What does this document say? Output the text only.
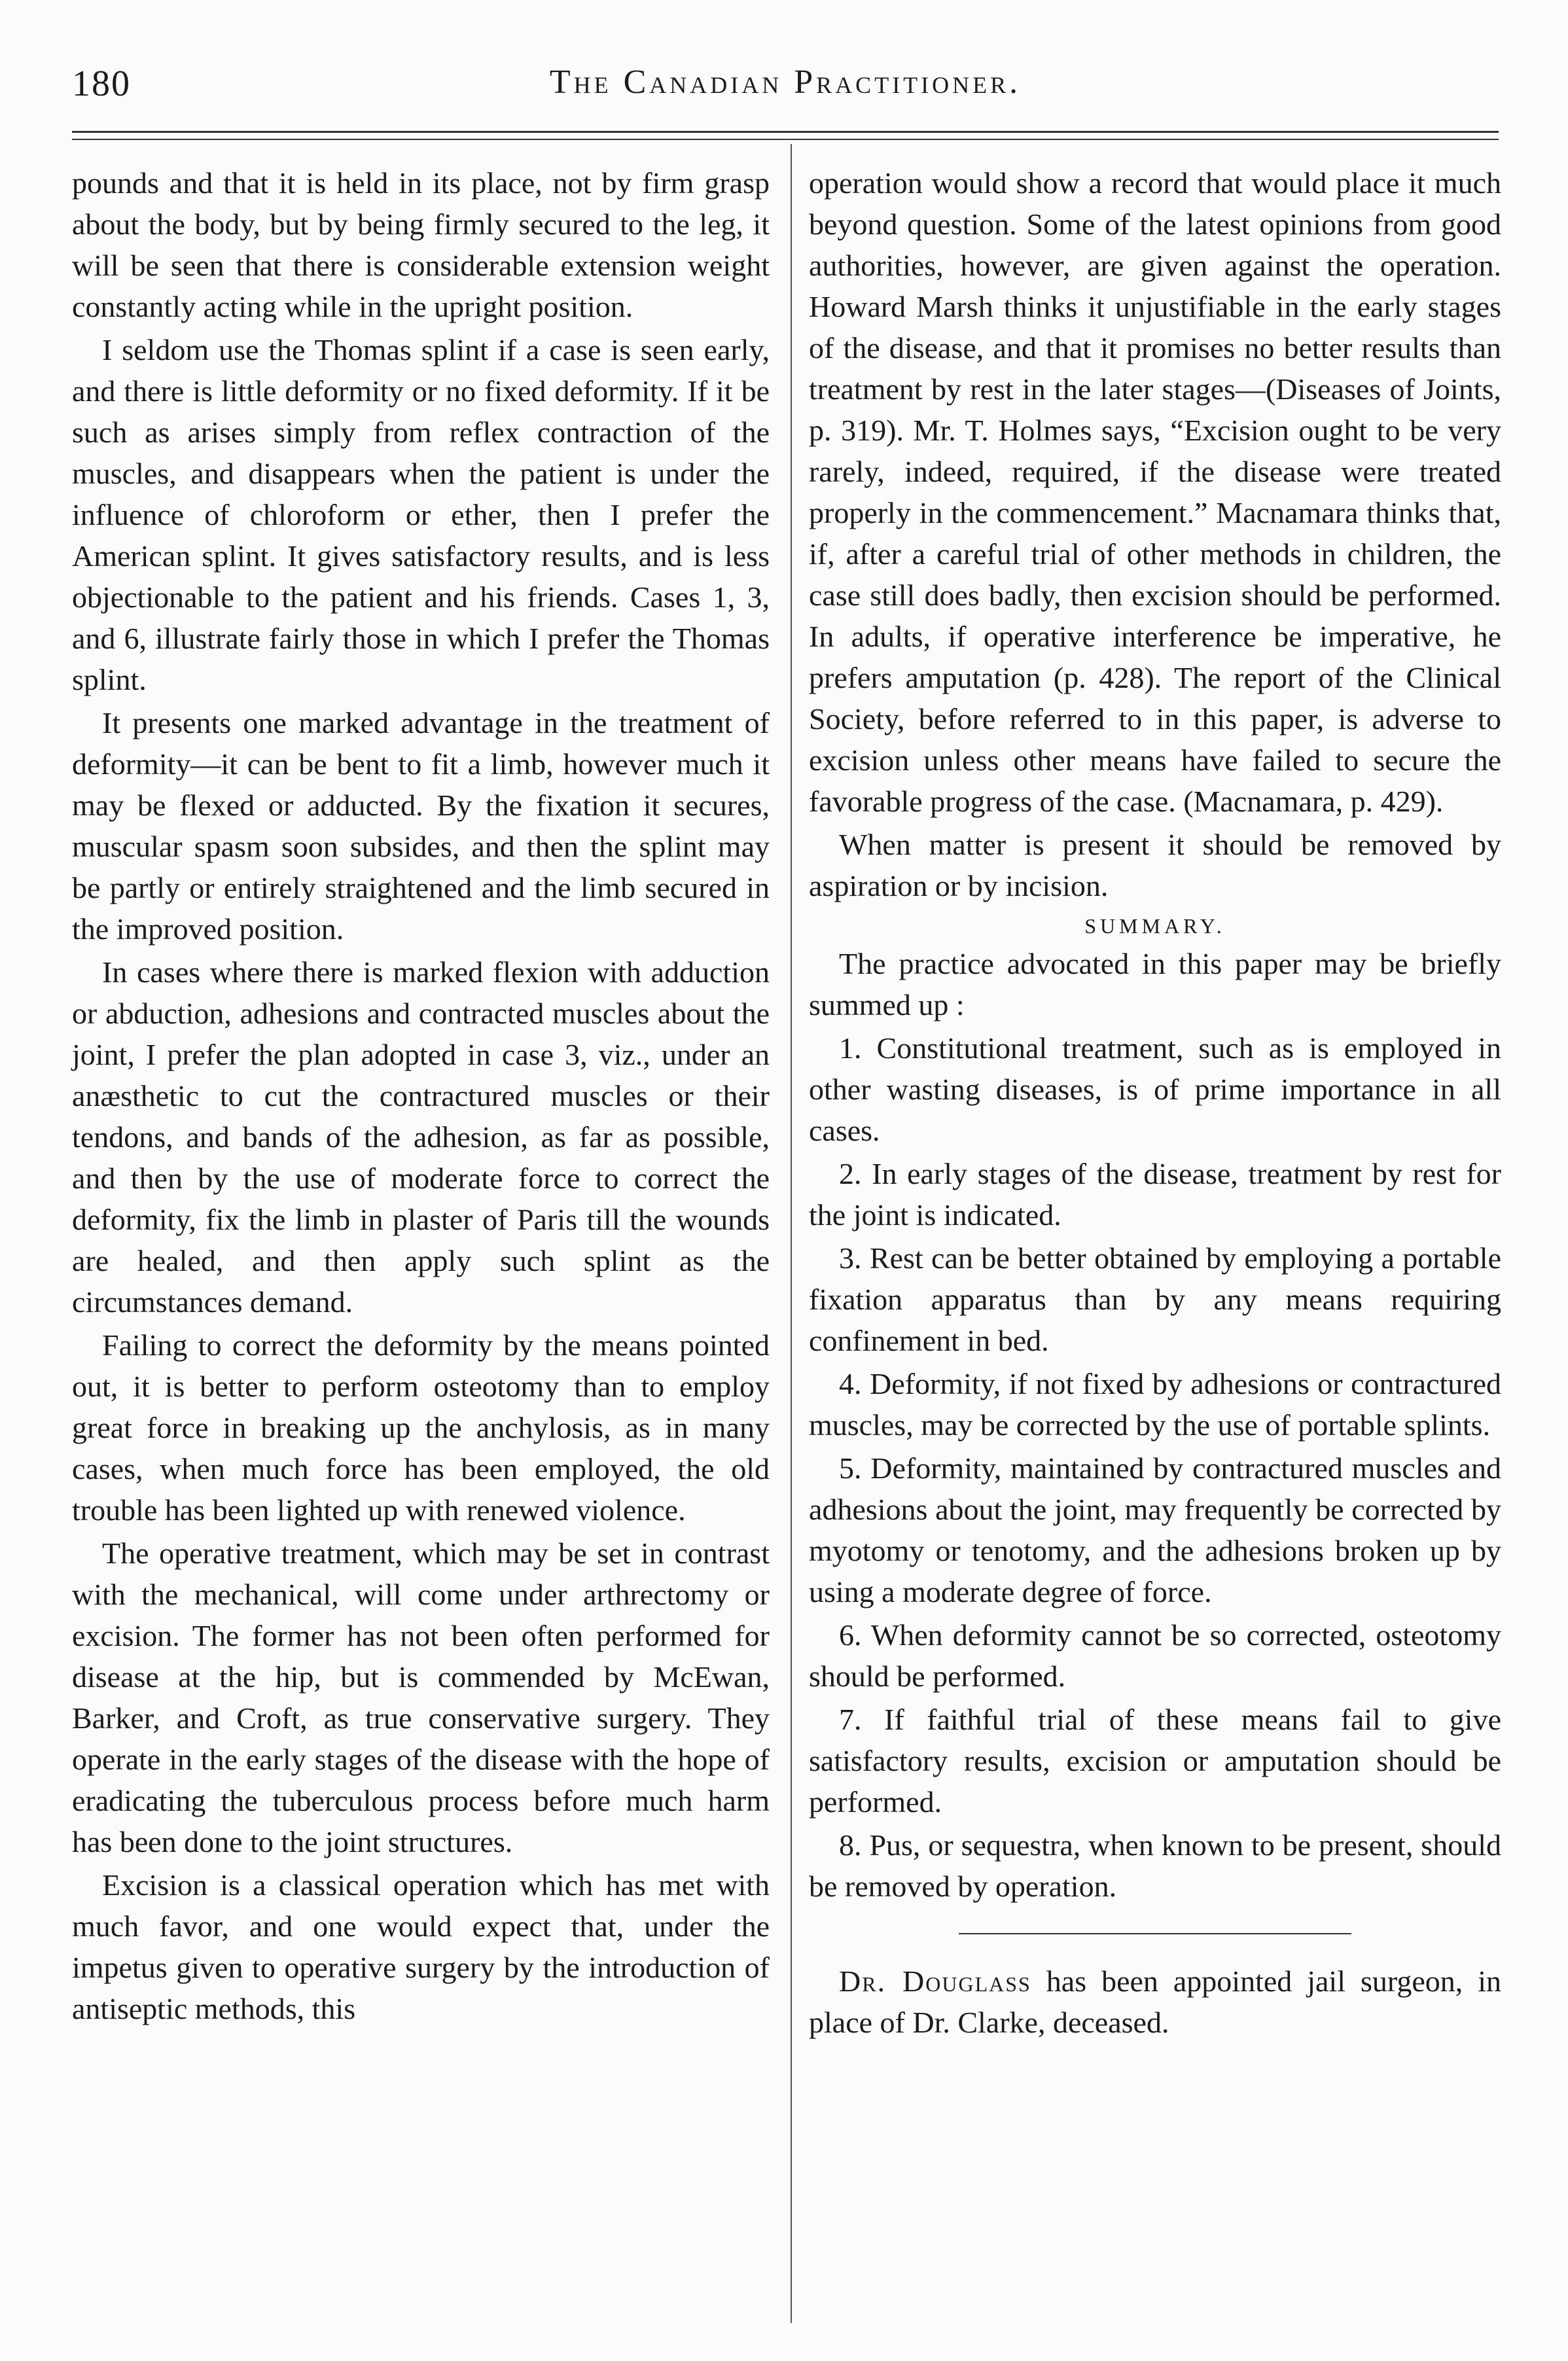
180	The Canadian Practitioner.

pounds and that it is held in its place, not by firm grasp about the body, but by being firmly secured to the leg, it will be seen that there is considerable extension weight constantly acting while in the upright position.

I seldom use the Thomas splint if a case is seen early, and there is little deformity or no fixed deformity. If it be such as arises simply from reflex contraction of the muscles, and disappears when the patient is under the influence of chloroform or ether, then I prefer the American splint. It gives satisfactory results, and is less objectionable to the patient and his friends. Cases 1, 3, and 6, illustrate fairly those in which I prefer the Thomas splint.

It presents one marked advantage in the treatment of deformity—it can be bent to fit a limb, however much it may be flexed or adducted. By the fixation it secures, muscular spasm soon subsides, and then the splint may be partly or entirely straightened and the limb secured in the improved position.

In cases where there is marked flexion with adduction or abduction, adhesions and contracted muscles about the joint, I prefer the plan adopted in case 3, viz., under an anæsthetic to cut the contractured muscles or their tendons, and bands of the adhesion, as far as possible, and then by the use of moderate force to correct the deformity, fix the limb in plaster of Paris till the wounds are healed, and then apply such splint as the circumstances demand.

Failing to correct the deformity by the means pointed out, it is better to perform osteotomy than to employ great force in breaking up the anchylosis, as in many cases, when much force has been employed, the old trouble has been lighted up with renewed violence.

The operative treatment, which may be set in contrast with the mechanical, will come under arthrectomy or excision. The former has not been often performed for disease at the hip, but is commended by McEwan, Barker, and Croft, as true conservative surgery. They operate in the early stages of the disease with the hope of eradicating the tuberculous process before much harm has been done to the joint structures.

Excision is a classical operation which has met with much favor, and one would expect that, under the impetus given to operative surgery by the introduction of antiseptic methods, this

operation would show a record that would place it much beyond question. Some of the latest opinions from good authorities, however, are given against the operation. Howard Marsh thinks it unjustifiable in the early stages of the disease, and that it promises no better results than treatment by rest in the later stages—(Diseases of Joints, p. 319). Mr. T. Holmes says, “Excision ought to be very rarely, indeed, required, if the disease were treated properly in the commencement.” Macnamara thinks that, if, after a careful trial of other methods in children, the case still does badly, then excision should be performed. In adults, if operative interference be imperative, he prefers amputation (p. 428). The report of the Clinical Society, before referred to in this paper, is adverse to excision unless other means have failed to secure the favorable progress of the case. (Macnamara, p. 429).

When matter is present it should be removed by aspiration or by incision.

SUMMARY.

The practice advocated in this paper may be briefly summed up :

1. Constitutional treatment, such as is employed in other wasting diseases, is of prime importance in all cases.

2. In early stages of the disease, treatment by rest for the joint is indicated.

3. Rest can be better obtained by employing a portable fixation apparatus than by any means requiring confinement in bed.

4. Deformity, if not fixed by adhesions or contractured muscles, may be corrected by the use of portable splints.

5. Deformity, maintained by contractured muscles and adhesions about the joint, may frequently be corrected by myotomy or tenotomy, and the adhesions broken up by using a moderate degree of force.

6. When deformity cannot be so corrected, osteotomy should be performed.

7. If faithful trial of these means fail to give satisfactory results, excision or amputation should be performed.

8. Pus, or sequestra, when known to be present, should be removed by operation.

Dr. Douglass has been appointed jail surgeon, in place of Dr. Clarke, deceased.
